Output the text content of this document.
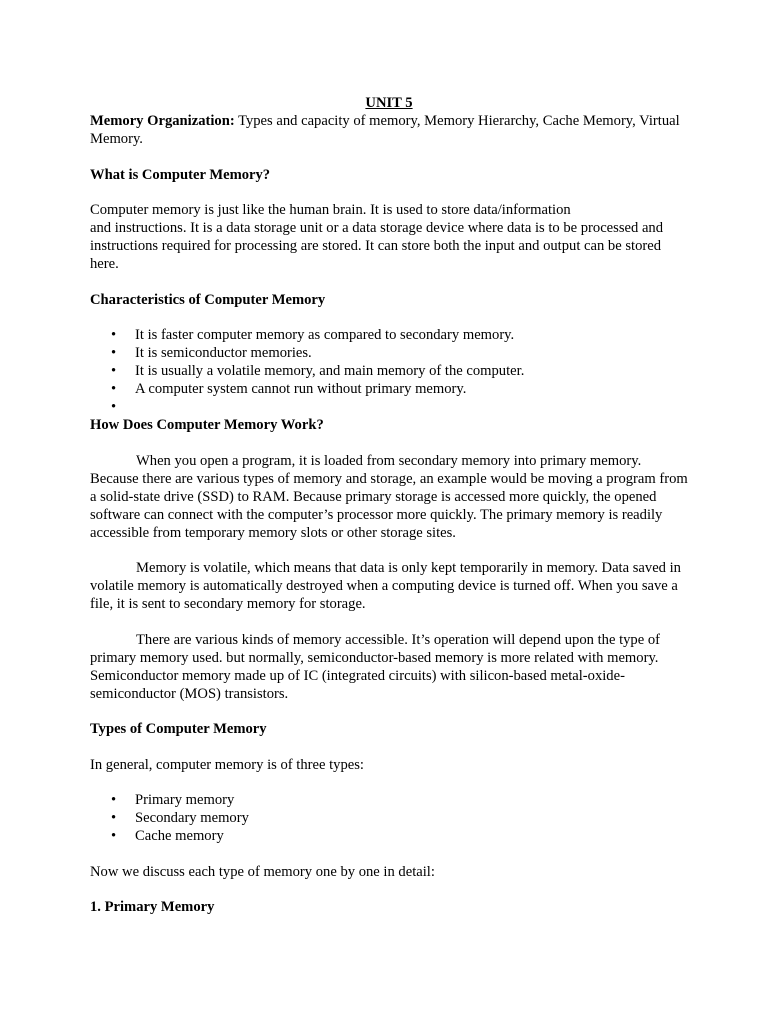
UNIT 5

Memory Organization: Types and capacity of memory, Memory Hierarchy, Cache Memory, Virtual Memory.

What is Computer Memory?

Computer memory is just like the human brain. It is used to store data/information

and instructions. It is a data storage unit or a data storage device where data is to be processed and instructions required for processing are stored. It can store both the input and output can be stored here.

Characteristics of Computer Memory

• It is faster computer memory as compared to secondary memory.
• It is semiconductor memories.
• It is usually a volatile memory, and main memory of the computer.
• A computer system cannot run without primary memory.
•

How Does Computer Memory Work?

When you open a program, it is loaded from secondary memory into primary memory. Because there are various types of memory and storage, an example would be moving a program from a solid-state drive (SSD) to RAM. Because primary storage is accessed more quickly, the opened software can connect with the computer’s processor more quickly. The primary memory is readily accessible from temporary memory slots or other storage sites.

Memory is volatile, which means that data is only kept temporarily in memory. Data saved in volatile memory is automatically destroyed when a computing device is turned off. When you save a file, it is sent to secondary memory for storage.

There are various kinds of memory accessible. It’s operation will depend upon the type of primary memory used. but normally, semiconductor-based memory is more related with memory. Semiconductor memory made up of IC (integrated circuits) with silicon-based metal-oxide-semiconductor (MOS) transistors.

Types of Computer Memory

In general, computer memory is of three types:

• Primary memory
• Secondary memory
• Cache memory

Now we discuss each type of memory one by one in detail:

1. Primary Memory
